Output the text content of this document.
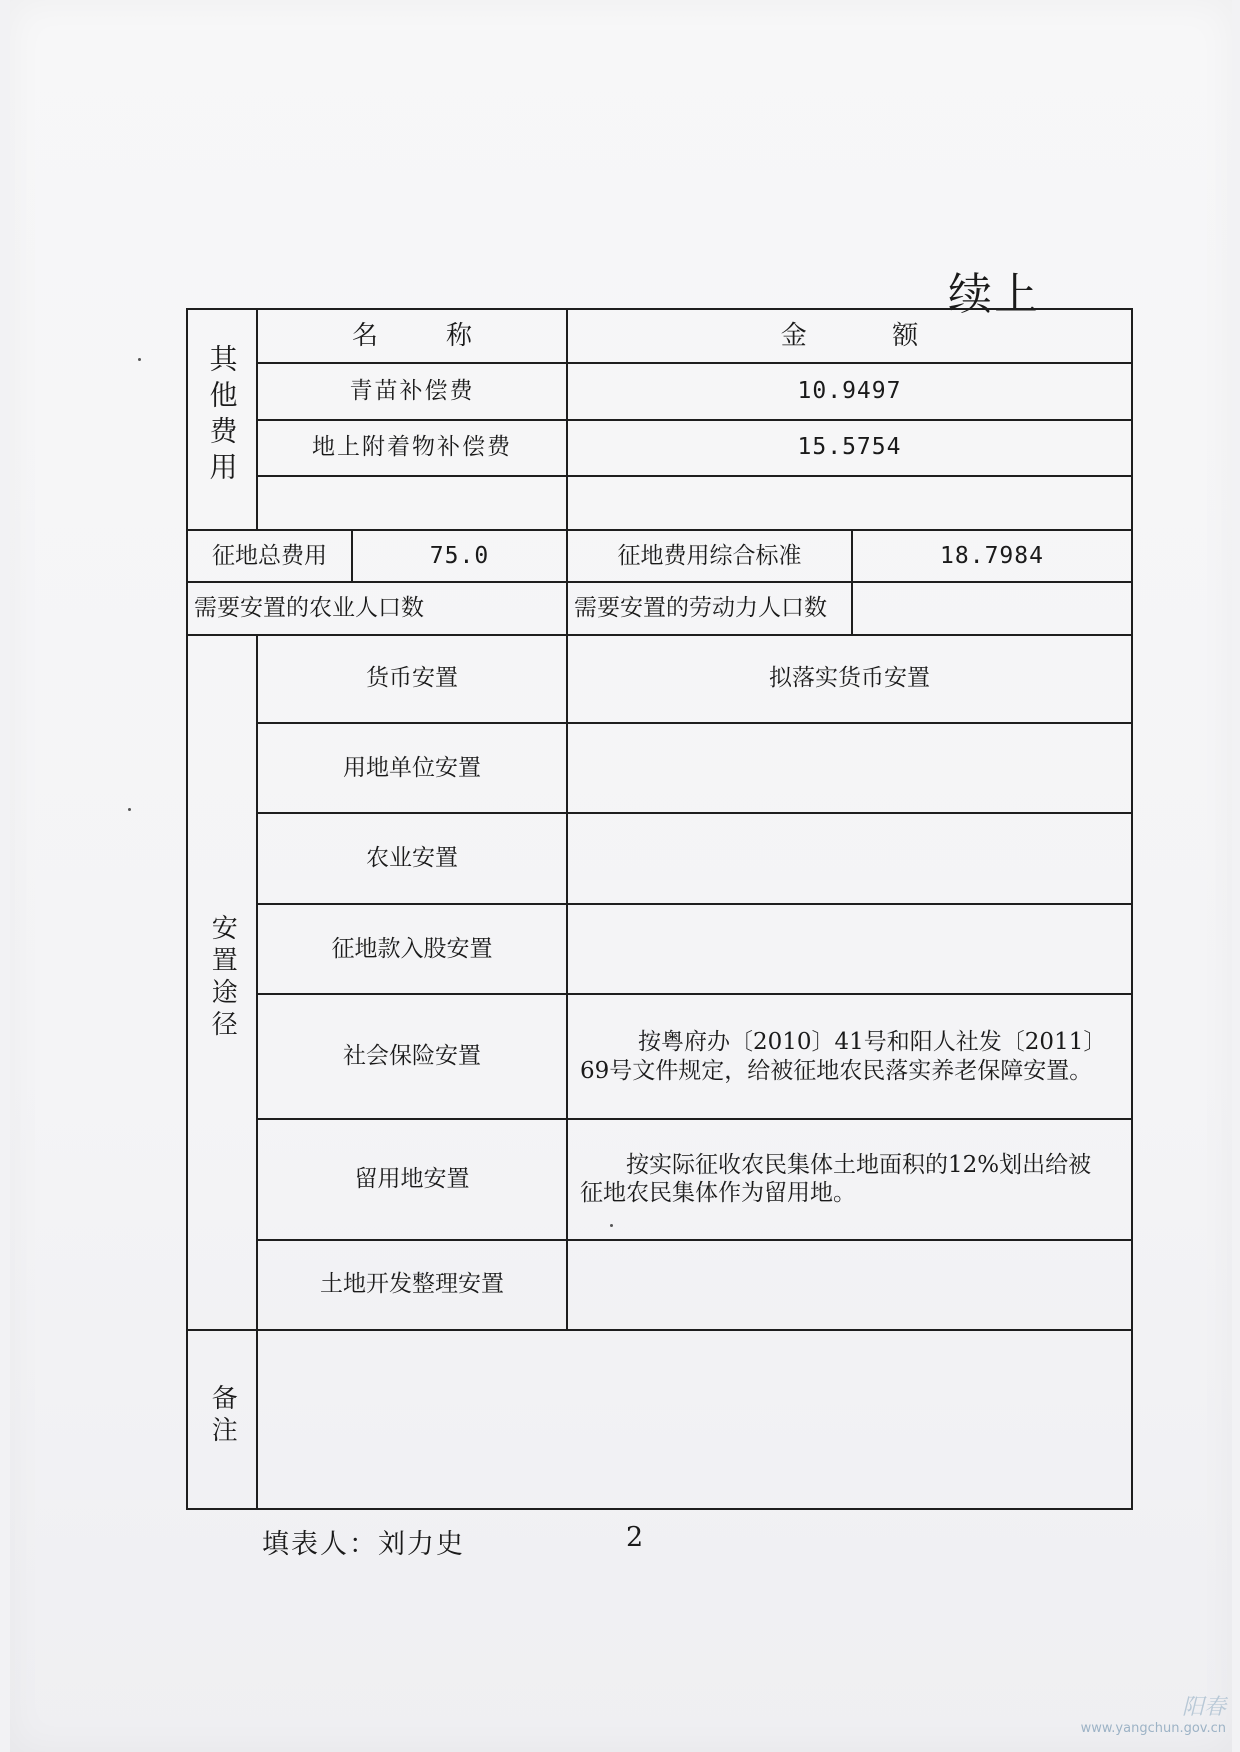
续上
其他费用	名 称		金 额	

	青苗补偿费		10.9497	
	地上附着物补偿费		15.5754	

征地总费用		75.0	征地费用综合标准	18.7984
需要安置的农业人口数			需要安置的劳动力人口数	
安置途径	货币安置		拟落实货币安置	
	用地单位安置			
	农业安置			
	征地款入股安置			
	社会保险安置		按粤府办〔2010〕41号和阳人社发〔2011〕
69号文件规定，给被征地农民落实养老保障安置。	

	留用地安置		按实际征收农民集体土地面积的12%划出给被
征地农民集体作为留用地。	

	土地开发整理安置			
备注				
填表人：刘力史	2
阳春
www.yangchun.gov.cn
